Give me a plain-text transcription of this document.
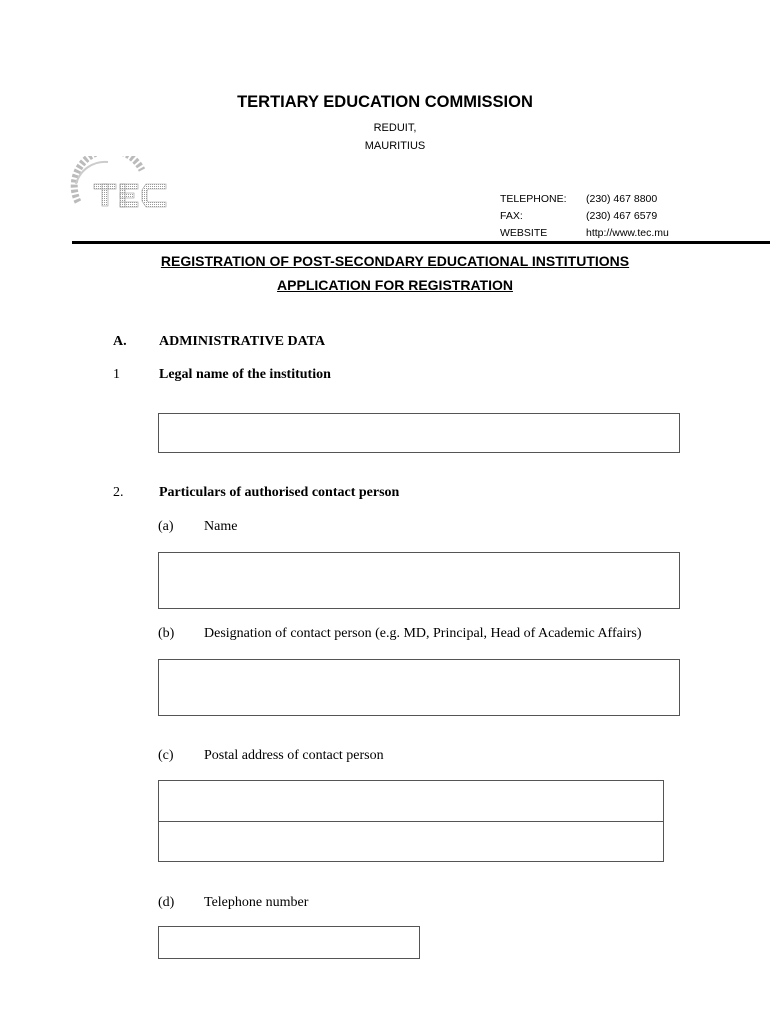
TERTIARY EDUCATION COMMISSION
REDUIT,
MAURITIUS
TELEPHONE: (230) 467 8800
FAX:	(230) 467 6579
WEBSITE	http://www.tec.mu
REGISTRATION OF POST-SECONDARY EDUCATIONAL INSTITUTIONS
APPLICATION FOR REGISTRATION
A. ADMINISTRATIVE DATA
1	Legal name of the institution
2.	Particulars of authorised contact person
(a) Name
(b) Designation of contact person (e.g. MD, Principal, Head of Academic Affairs)
(c) Postal address of contact person
(d) Telephone number
